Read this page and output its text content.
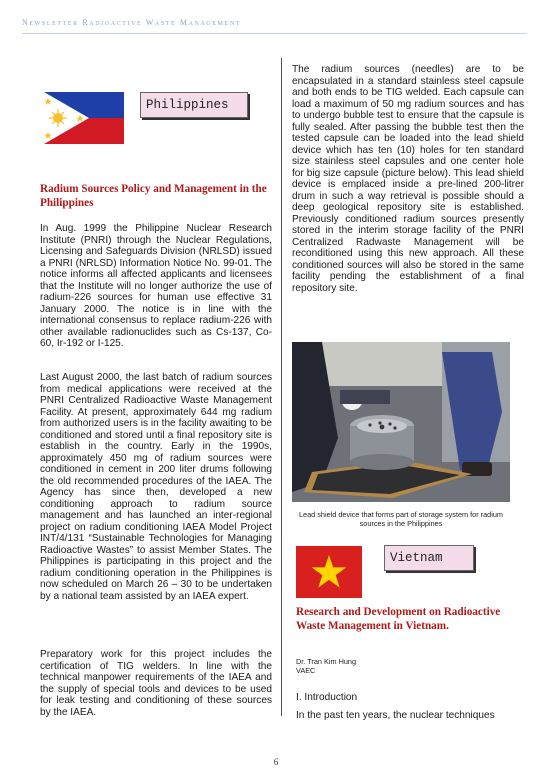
Newsletter Radioactive Waste Management
Philippines
Radium Sources Policy and Management in the Philippines

In Aug. 1999 the Philippine Nuclear Research Institute (PNRI) through the Nuclear Regulations, Licensing and Safeguards Division (NRLSD) issued a PNRI (NRLSD) Information Notice No. 99-01. The notice informs all affected applicants and licensees that the Institute will no longer authorize the use of radium-226 sources for human use effective 31 January 2000. The notice is in line with the international consensus to replace radium-226 with other available radionuclides such as Cs-137, Co-60, Ir-192 or I-125.

Last August 2000, the last batch of radium sources from medical applications were received at the PNRI Centralized Radioactive Waste Management Facility. At present, approximately 644 mg radium from authorized users is in the facility awaiting to be conditioned and stored until a final repository site is establish in the country. Early in the 1990s, approximately 450 mg of radium sources were conditioned in cement in 200 liter drums following the old recommended procedures of the IAEA. The Agency has since then, developed a new conditioning approach to radium source management and has launched an inter-regional project on radium conditioning IAEA Model Project INT/4/131 “Sustainable Technologies for Managing Radioactive Wastes” to assist Member States. The Philippines is participating in this project and the radium conditioning operation in the Philippines is now scheduled on March 26 – 30 to be undertaken by a national team assisted by an IAEA expert.

Preparatory work for this project includes the certification of TIG welders. In line with the technical manpower requirements of the IAEA and the supply of special tools and devices to be used for leak testing and conditioning of these sources by the IAEA.

The radium sources (needles) are to be encapsulated in a standard stainless steel capsule and both ends to be TIG welded. Each capsule can load a maximum of 50 mg radium sources and has to undergo bubble test to ensure that the capsule is fully sealed. After passing the bubble test then the tested capsule can be loaded into the lead shield device which has ten (10) holes for ten standard size stainless steel capsules and one center hole for big size capsule (picture below). This lead shield device is emplaced inside a pre-lined 200-litrer drum in such a way retrieval is possible should a deep geological repository site is established. Previously conditioned radium sources presently stored in the interim storage facility of the PNRI Centralized Radwaste Management will be reconditioned using this new approach. All these conditioned sources will also be stored in the same facility pending the establishment of a final repository site.

Lead shield device that forms part of storage system for radium sources in the Philippines
Vietnam
Research and Development on Radioactive Waste Management in Vietnam.
Dr. Tran Kim Hung
VAEC
I. Introduction
In the past ten years, the nuclear techniques
6
